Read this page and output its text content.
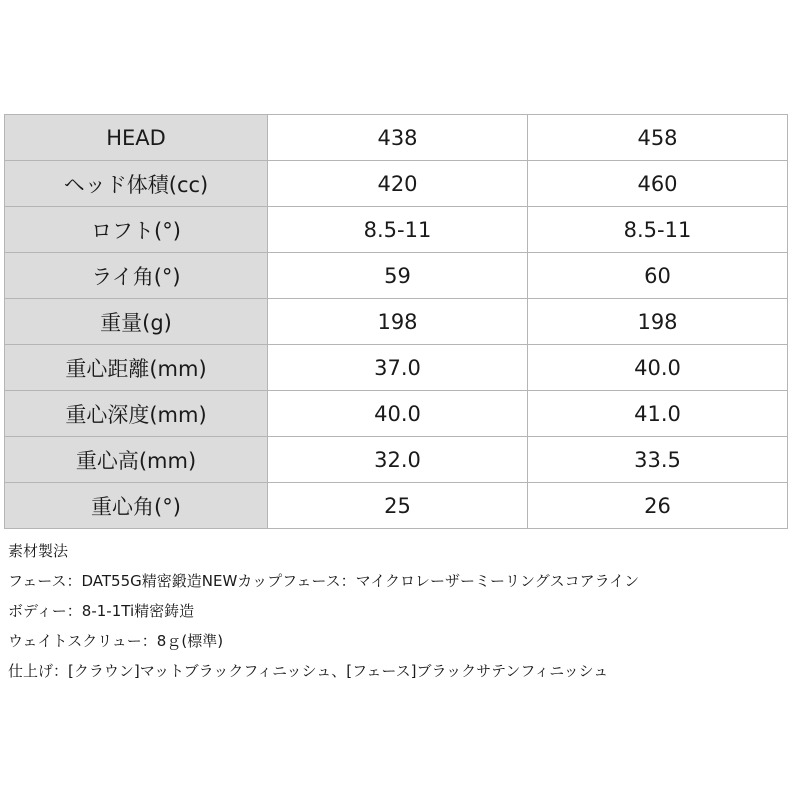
HEAD	438	458
ヘッド体積(cc)	420	460
ロフト(°)	8.5-11	8.5-11
ライ角(°)	59	60
重量(g)	198	198
重心距離(mm)	37.0	40.0
重心深度(mm)	40.0	41.0
重心高(mm)	32.0	33.5
重心角(°)	25	26
素材製法
フェース：DAT55G精密鍛造NEWカップフェース：マイクロレーザーミーリングスコアライン
ボディー：8-1-1Ti精密鋳造
ウェイトスクリュー：8ｇ(標準)
仕上げ：[クラウン]マットブラックフィニッシュ、[フェース]ブラックサテンフィニッシュ
